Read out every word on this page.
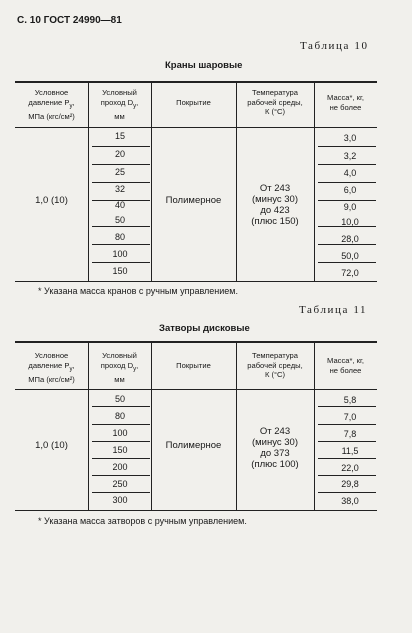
С. 10 ГОСТ 24990—81
Таблица 10
Краны шаровые
Условное
давление $P_у$,
МПа (кгс/см²)
Условный
проход $D_у$,
мм
Покрытие
Температура
рабочей среды,
К (°С)
Масса*, кг,
не более
15
20
25
32
40
50
80
100
150
3,0
3,2
4,0
6,0
9,0
10,0
28,0
50,0
72,0
1,0 (10)	Полимерное
От 243
(минус 30)
до 423
(плюс 150)
* Указана масса кранов с ручным управлением.
Таблица 11
Затворы дисковые
Условное
давление $P_у$,
МПа (кгс/см²)
Условный
проход $D_у$,
мм
Покрытие
Температура
рабочей среды,
К (°С)
Масса*, кг,
не более
50
80
100
150
200
250
300
5,8
7,0
7,8
11,5
22,0
29,8
38,0
1,0 (10)	Полимерное
От 243
(минус 30)
до 373
(плюс 100)
* Указана масса затворов с ручным управлением.
